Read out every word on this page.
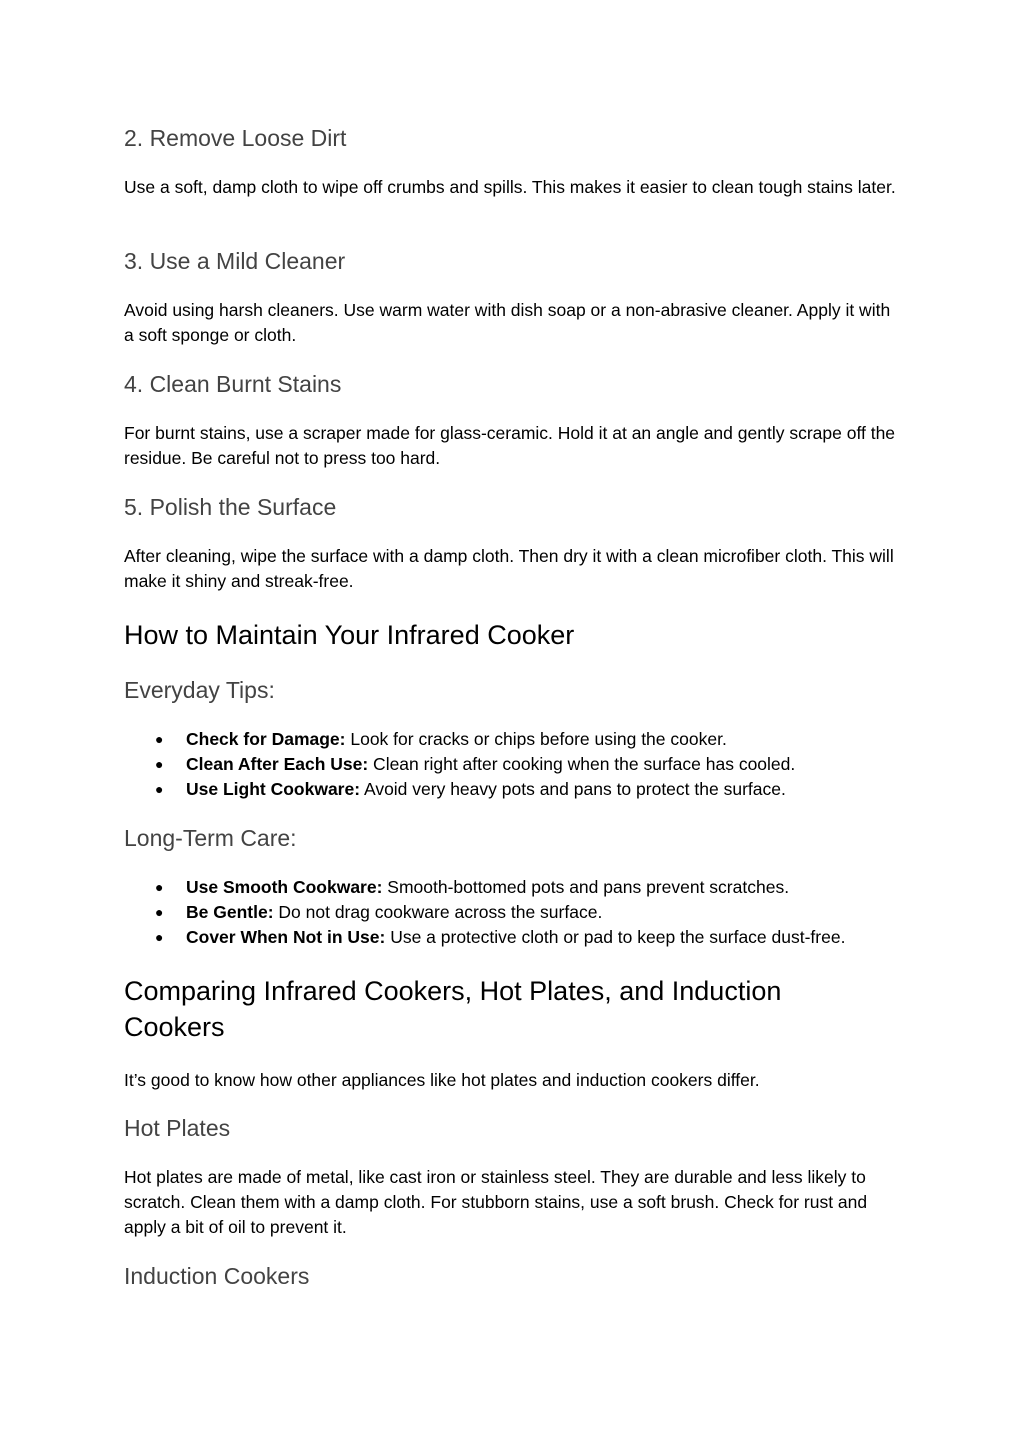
2. Remove Loose Dirt

Use a soft, damp cloth to wipe off crumbs and spills. This makes it easier to clean tough stains later.

3. Use a Mild Cleaner

Avoid using harsh cleaners. Use warm water with dish soap or a non-abrasive cleaner. Apply it with a soft sponge or cloth.

4. Clean Burnt Stains

For burnt stains, use a scraper made for glass-ceramic. Hold it at an angle and gently scrape off the residue. Be careful not to press too hard.

5. Polish the Surface

After cleaning, wipe the surface with a damp cloth. Then dry it with a clean microfiber cloth. This will make it shiny and streak-free.

How to Maintain Your Infrared Cooker
Everyday Tips:
● Check for Damage: Look for cracks or chips before using the cooker.
● Clean After Each Use: Clean right after cooking when the surface has cooled.
● Use Light Cookware: Avoid very heavy pots and pans to protect the surface.
Long-Term Care:
● Use Smooth Cookware: Smooth-bottomed pots and pans prevent scratches.
● Be Gentle: Do not drag cookware across the surface.
● Cover When Not in Use: Use a protective cloth or pad to keep the surface dust-free.
Comparing Infrared Cookers, Hot Plates, and Induction Cookers

It’s good to know how other appliances like hot plates and induction cookers differ.

Hot Plates

Hot plates are made of metal, like cast iron or stainless steel. They are durable and less likely to scratch. Clean them with a damp cloth. For stubborn stains, use a soft brush. Check for rust and apply a bit of oil to prevent it.

Induction Cookers
